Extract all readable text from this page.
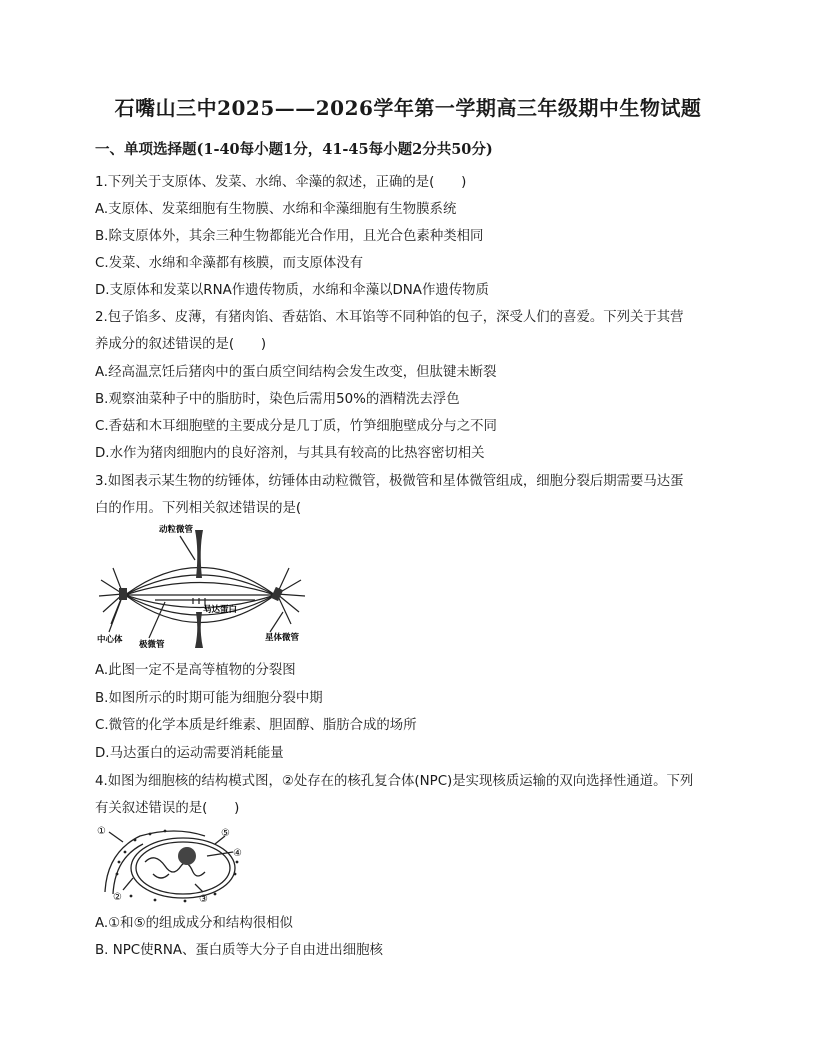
石嘴山三中2025——2026学年第一学期高三年级期中生物试题
一、单项选择题(1-40每小题1分，41-45每小题2分共50分)
1.下列关于支原体、发菜、水绵、伞藻的叙述，正确的是(　　)
A.支原体、发菜细胞有生物膜、水绵和伞藻细胞有生物膜系统
B.除支原体外，其余三种生物都能光合作用，且光合色素种类相同
C.发菜、水绵和伞藻都有核膜，而支原体没有
D.支原体和发菜以RNA作遗传物质，水绵和伞藻以DNA作遗传物质
2.包子馅多、皮薄，有猪肉馅、香菇馅、木耳馅等不同种馅的包子，深受人们的喜爱。下列关于其营
养成分的叙述错误的是(　　)
A.经高温烹饪后猪肉中的蛋白质空间结构会发生改变，但肽键未断裂
B.观察油菜种子中的脂肪时，染色后需用50%的酒精洗去浮色
C.香菇和木耳细胞壁的主要成分是几丁质，竹笋细胞壁成分与之不同
D.水作为猪肉细胞内的良好溶剂，与其具有较高的比热容密切相关
3.如图表示某生物的纺锤体，纺锤体由动粒微管，极微管和星体微管组成，细胞分裂后期需要马达蛋
白的作用。下列相关叙述错误的是(
动粒微管
马达蛋白
中心体 极微管
星体微管
A.此图一定不是高等植物的分裂图
B.如图所示的时期可能为细胞分裂中期
C.微管的化学本质是纤维素、胆固醇、脂肪合成的场所
D.马达蛋白的运动需要消耗能量
4.如图为细胞核的结构模式图，②处存在的核孔复合体(NPC)是实现核质运输的双向选择性通道。下列
有关叙述错误的是(　　)
①	⑤
④
②	③
A.①和⑤的组成成分和结构很相似
B. NPC使RNA、蛋白质等大分子自由进出细胞核
